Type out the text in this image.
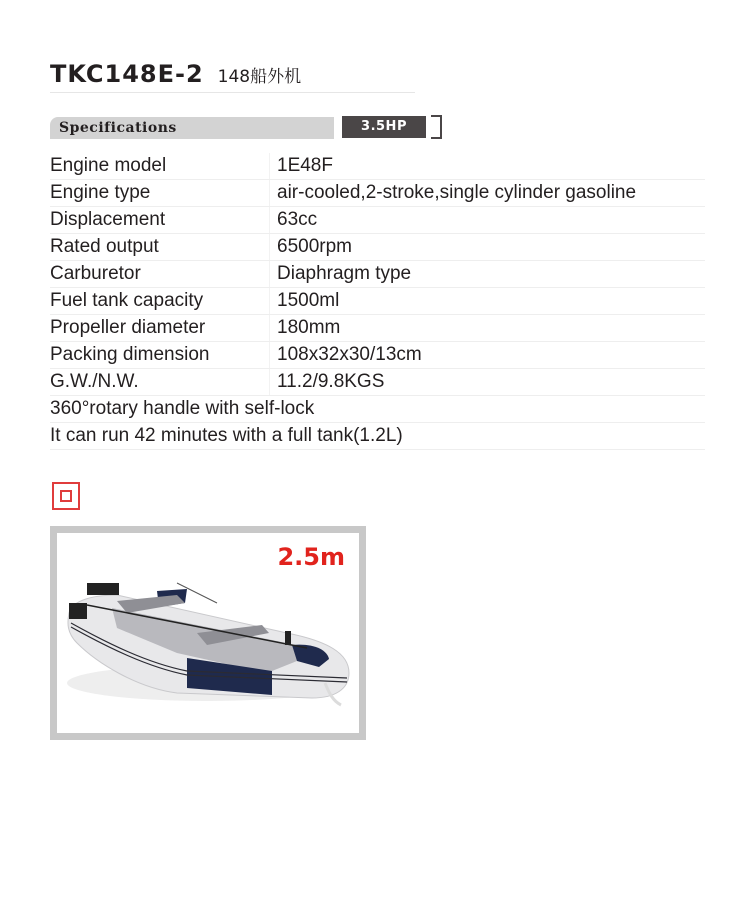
TKC148E-2 148船外机
Specifications	3.5HP
Engine model	1E48F
Engine type	air-cooled,2-stroke,single cylinder gasoline
Displacement	63cc
Rated output	6500rpm
Carburetor	Diaphragm type
Fuel tank capacity	1500ml
Propeller diameter	180mm
Packing dimension	108x32x30/13cm
G.W./N.W.	11.2/9.8KGS
360°rotary handle with self-lock
It can run 42 minutes with a full tank(1.2L)
2.5m
